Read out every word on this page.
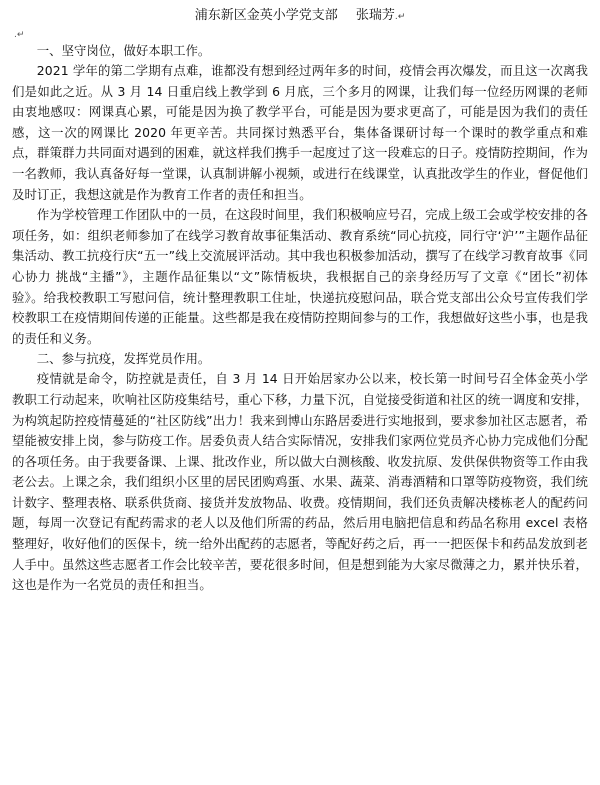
浦东新区金英小学党支部 张瑞芳.↵

.↵

一、坚守岗位，做好本职工作。

2021 学年的第二学期有点难，谁都没有想到经过两年多的时间，疫情会再次爆发，而且这一次离我们是如此之近。从 3 月 14 日重启线上教学到 6 月底，三个多月的网课，让我们每一位经历网课的老师由衷地感叹：网课真心累，可能是因为换了教学平台，可能是因为要求更高了，可能是因为我们的责任感，这一次的网课比 2020 年更辛苦。共同探讨熟悉平台，集体备课研讨每一个课时的教学重点和难点，群策群力共同面对遇到的困难，就这样我们携手一起度过了这一段难忘的日子。疫情防控期间，作为一名教师，我认真备好每一堂课，认真制讲解小视频，或进行在线课堂，认真批改学生的作业，督促他们及时订正，我想这就是作为教育工作者的责任和担当。

作为学校管理工作团队中的一员，在这段时间里，我们积极响应号召，完成上级工会或学校安排的各项任务，如：组织老师参加了在线学习教育故事征集活动、教育系统“同心抗疫，同行守‘沪’”主题作品征集活动、教工抗疫行庆“五一”线上交流展评活动。其中我也积极参加活动，撰写了在线学习教育故事《同心协力 挑战“主播”》，主题作品征集以“文”陈情板块，我根据自己的亲身经历写了文章《“团长”初体验》。给我校教职工写慰问信，统计整理教职工住址，快递抗疫慰问品，联合党支部出公众号宣传我们学校教职工在疫情期间传递的正能量。这些都是我在疫情防控期间参与的工作，我想做好这些小事，也是我的责任和义务。

二、参与抗疫，发挥党员作用。

疫情就是命令，防控就是责任，自 3 月 14 日开始居家办公以来，校长第一时间号召全体金英小学教职工行动起来，吹响社区防疫集结号，重心下移，力量下沉，自觉接受街道和社区的统一调度和安排，为构筑起防控疫情蔓延的“社区防线”出力！我来到博山东路居委进行实地报到，要求参加社区志愿者，希望能被安排上岗，参与防疫工作。居委负责人结合实际情况，安排我们家两位党员齐心协力完成他们分配的各项任务。由于我要备课、上课、批改作业，所以做大白测核酸、收发抗原、发供保供物资等工作由我老公去。上课之余，我们组织小区里的居民团购鸡蛋、水果、蔬菜、消毒酒精和口罩等防疫物资，我们统计数字、整理表格、联系供货商、接货并发放物品、收费。疫情期间，我们还负责解决楼栋老人的配药问题，每周一次登记有配药需求的老人以及他们所需的药品，然后用电脑把信息和药品名称用 excel 表格整理好，收好他们的医保卡，统一给外出配药的志愿者，等配好药之后，再一一把医保卡和药品发放到老人手中。虽然这些志愿者工作会比较辛苦，要花很多时间，但是想到能为大家尽微薄之力，累并快乐着，这也是作为一名党员的责任和担当。
